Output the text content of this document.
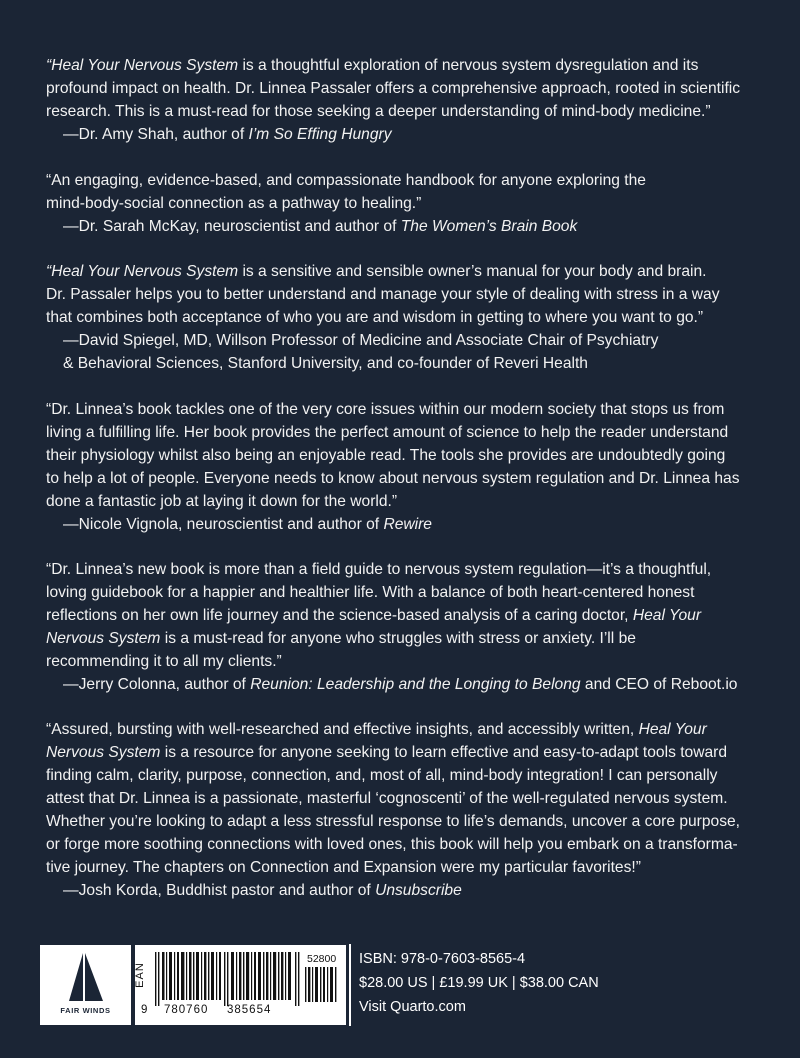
“Heal Your Nervous System is a thoughtful exploration of nervous system dysregulation and its

profound impact on health. Dr. Linnea Passaler offers a comprehensive approach, rooted in scientific

research. This is a must-read for those seeking a deeper understanding of mind-body medicine.”

—Dr. Amy Shah, author of I’m So Effing Hungry

“An engaging, evidence-based, and compassionate handbook for anyone exploring the

mind-body-social connection as a pathway to healing.”

—Dr. Sarah McKay, neuroscientist and author of The Women’s Brain Book

“Heal Your Nervous System is a sensitive and sensible owner’s manual for your body and brain.

Dr. Passaler helps you to better understand and manage your style of dealing with stress in a way

that combines both acceptance of who you are and wisdom in getting to where you want to go.”

—David Spiegel, MD, Willson Professor of Medicine and Associate Chair of Psychiatry

& Behavioral Sciences, Stanford University, and co-founder of Reveri Health

“Dr. Linnea’s book tackles one of the very core issues within our modern society that stops us from

living a fulfilling life. Her book provides the perfect amount of science to help the reader understand

their physiology whilst also being an enjoyable read. The tools she provides are undoubtedly going

to help a lot of people. Everyone needs to know about nervous system regulation and Dr. Linnea has

done a fantastic job at laying it down for the world.”

—Nicole Vignola, neuroscientist and author of Rewire

“Dr. Linnea’s new book is more than a field guide to nervous system regulation—it’s a thoughtful,

loving guidebook for a happier and healthier life. With a balance of both heart-centered honest

reflections on her own life journey and the science-based analysis of a caring doctor, Heal Your

Nervous System is a must-read for anyone who struggles with stress or anxiety. I’ll be

recommending it to all my clients.”

—Jerry Colonna, author of Reunion: Leadership and the Longing to Belong and CEO of Reboot.io

“Assured, bursting with well-researched and effective insights, and accessibly written, Heal Your

Nervous System is a resource for anyone seeking to learn effective and easy-to-adapt tools toward

finding calm, clarity, purpose, connection, and, most of all, mind-body integration! I can personally

attest that Dr. Linnea is a passionate, masterful ‘cognoscenti’ of the well-regulated nervous system.

Whether you’re looking to adapt a less stressful response to life’s demands, uncover a core purpose,

or forge more soothing connections with loved ones, this book will help you embark on a transforma-

tive journey. The chapters on Connection and Expansion were my particular favorites!”

—Josh Korda, Buddhist pastor and author of Unsubscribe

FAIR WINDS
EAN
52800
9 780760 385654
ISBN: 978-0-7603-8565-4
$28.00 US | £19.99 UK | $38.00 CAN
Visit Quarto.com
